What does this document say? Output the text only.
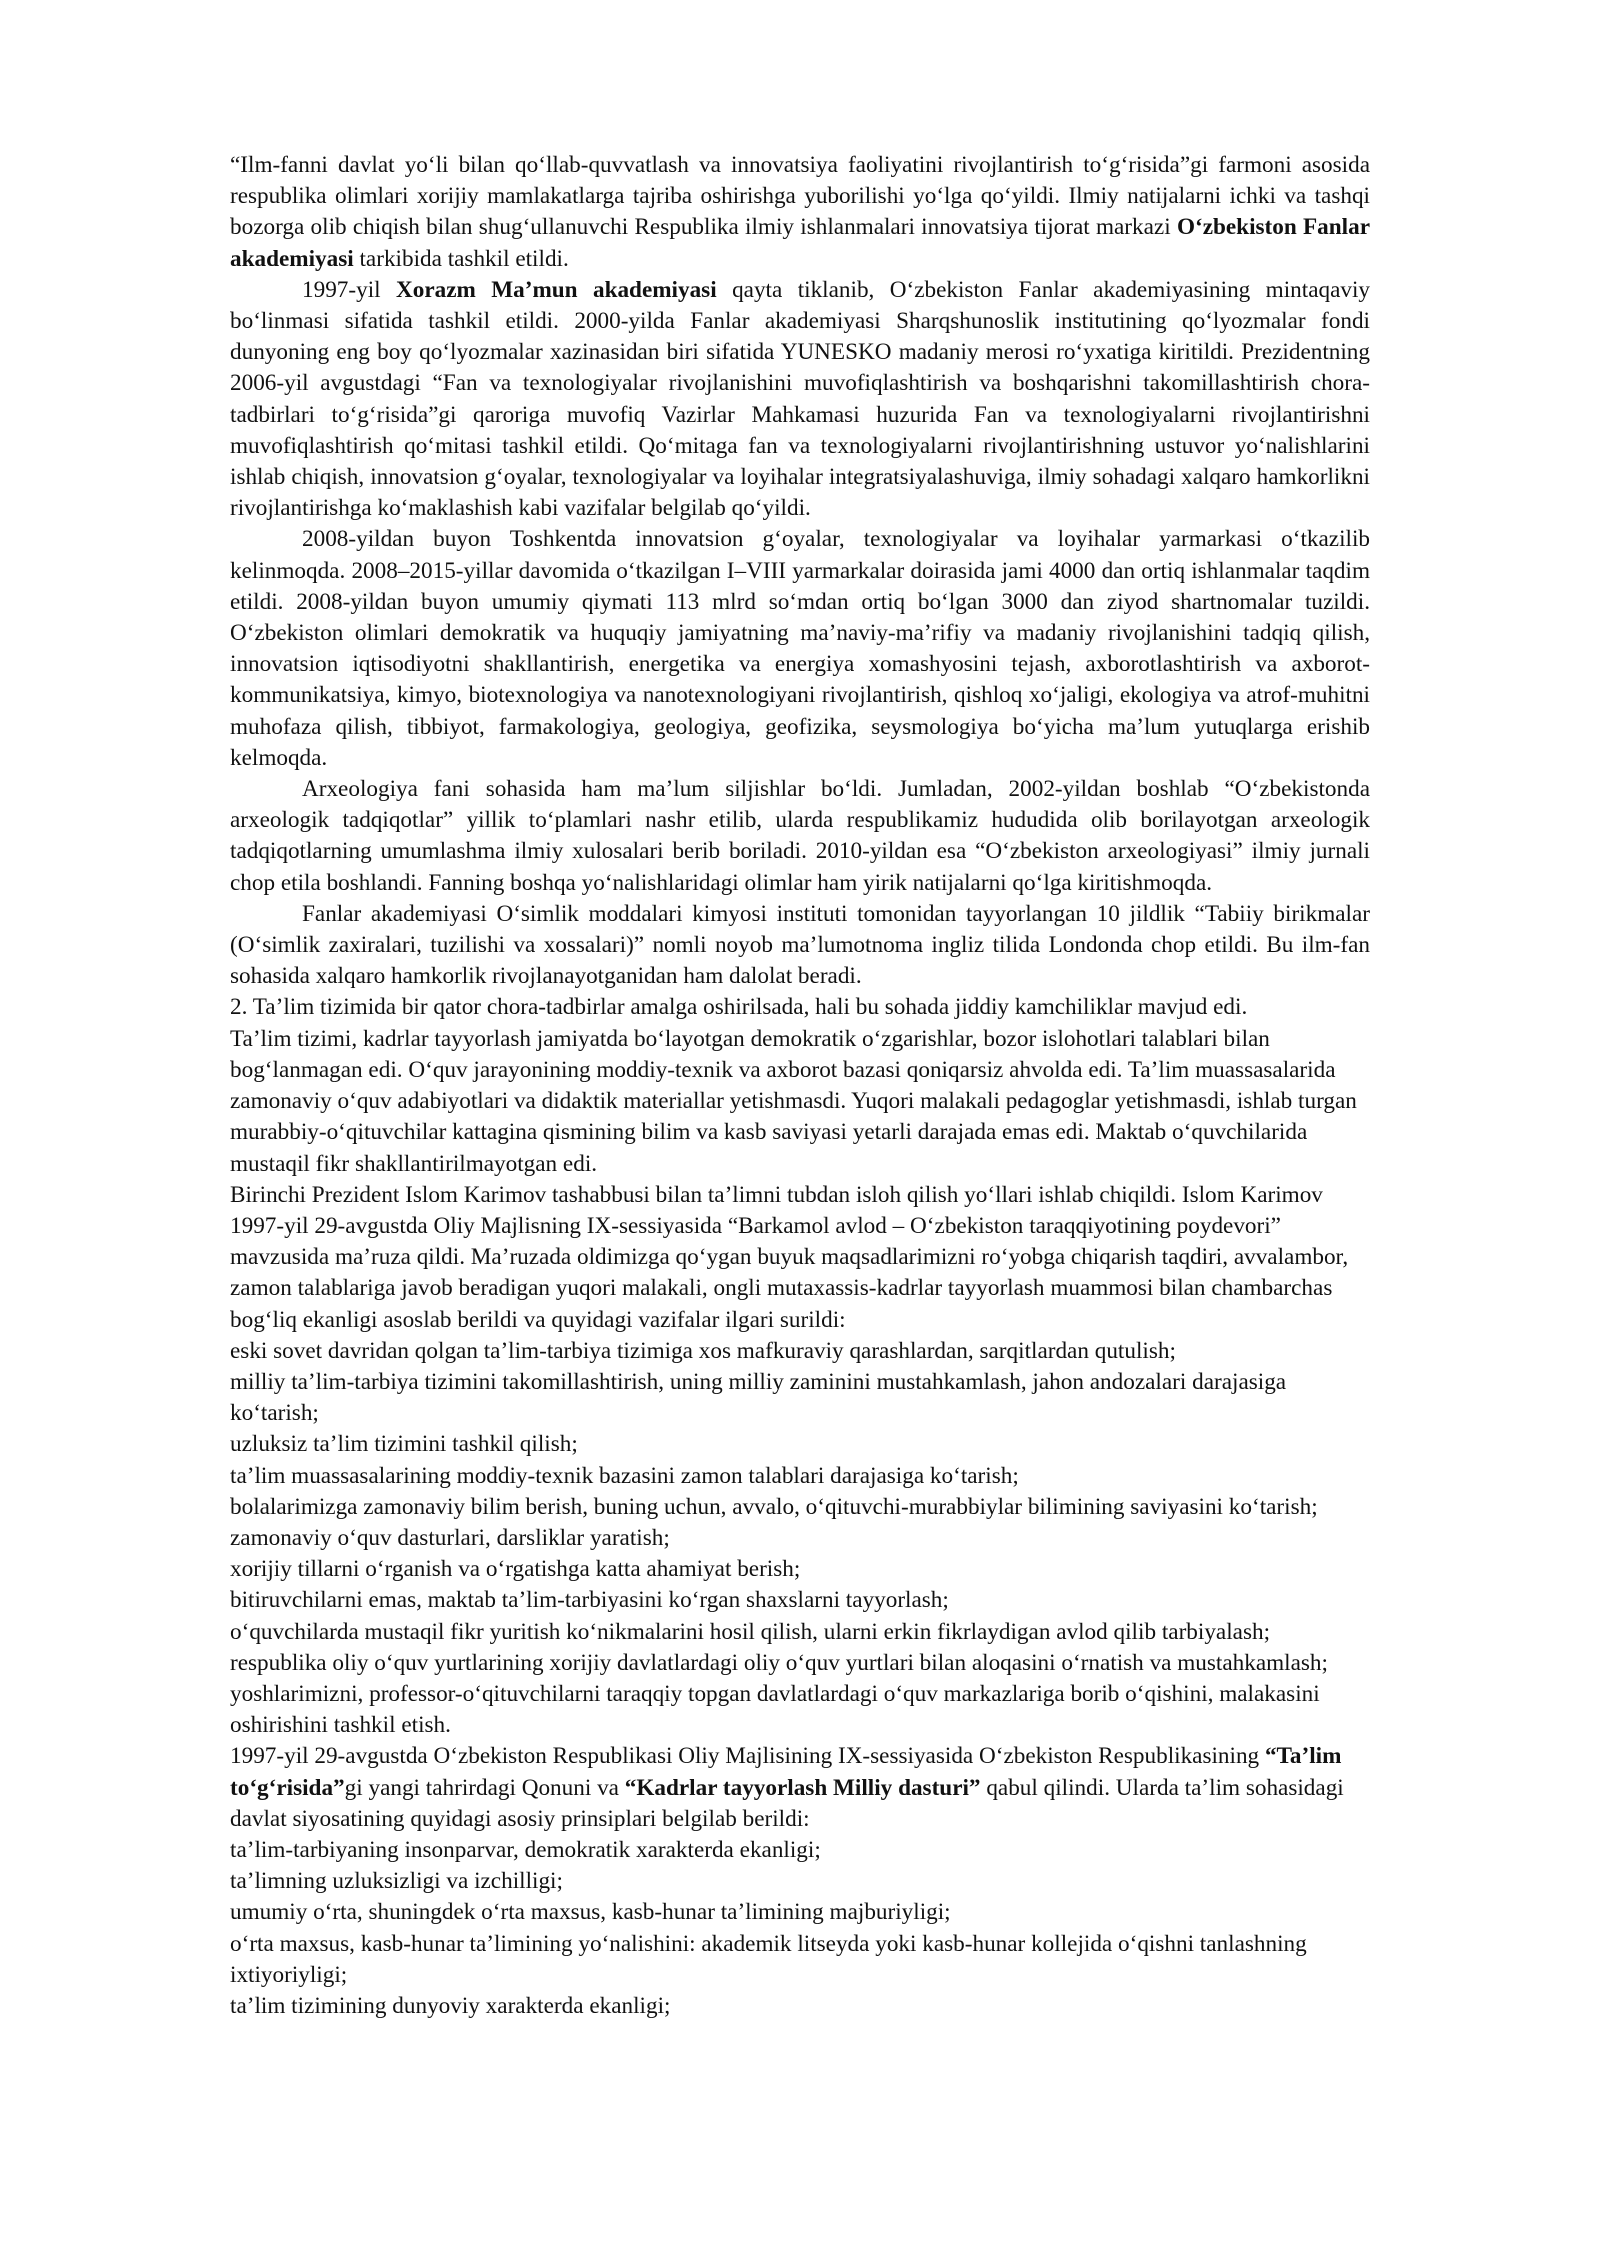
“Ilm-fanni davlat yo‘li bilan qo‘llab-quvvatlash va innovatsiya faoliyatini rivojlantirish to‘g‘risida”gi farmoni asosida respublika olimlari xorijiy mamlakatlarga tajriba oshirishga yuborilishi yo‘lga qo‘yildi. Ilmiy natijalarni ichki va tashqi bozorga olib chiqish bilan shug‘ullanuvchi Respublika ilmiy ishlanmalari innovatsiya tijorat markazi O‘zbekiston Fanlar akademiyasi tarkibida tashkil etildi.

1997-yil Xorazm Ma’mun akademiyasi qayta tiklanib, O‘zbekiston Fanlar akademiyasining mintaqaviy bo‘linmasi sifatida tashkil etildi. 2000-yilda Fanlar akademiyasi Sharqshunoslik institutining qo‘lyozmalar fondi dunyoning eng boy qo‘lyozmalar xazinasidan biri sifatida YUNESKO madaniy merosi ro‘yxatiga kiritildi. Prezidentning 2006-yil avgustdagi “Fan va texnologiyalar rivojlanishini muvofiqlashtirish va boshqarishni takomillashtirish chora-tadbirlari to‘g‘risida”gi qaroriga muvofiq Vazirlar Mahkamasi huzurida Fan va texnologiyalarni rivojlantirishni muvofiqlashtirish qo‘mitasi tashkil etildi. Qo‘mitaga fan va texnologiyalarni rivojlantirishning ustuvor yo‘nalishlarini ishlab chiqish, innovatsion g‘oyalar, texnologiyalar va loyihalar integratsiyalashuviga, ilmiy sohadagi xalqaro hamkorlikni rivojlantirishga ko‘maklashish kabi vazifalar belgilab qo‘yildi.

2008-yildan buyon Toshkentda innovatsion g‘oyalar, texnologiyalar va loyihalar yarmarkasi o‘tkazilib kelinmoqda. 2008–2015-yillar davomida o‘tkazilgan I–VIII yarmarkalar doirasida jami 4000 dan ortiq ishlanmalar taqdim etildi. 2008-yildan buyon umumiy qiymati 113 mlrd so‘mdan ortiq bo‘lgan 3000 dan ziyod shartnomalar tuzildi. O‘zbekiston olimlari demokratik va huquqiy jamiyatning ma’naviy-ma’rifiy va madaniy rivojlanishini tadqiq qilish, innovatsion iqtisodiyotni shakllantirish, energetika va energiya xomashyosini tejash, axborotlashtirish va axborot-kommunikatsiya, kimyo, biotexnologiya va nanotexnologiyani rivojlantirish, qishloq xo‘jaligi, ekologiya va atrof-muhitni muhofaza qilish, tibbiyot, farmakologiya, geologiya, geofizika, seysmologiya bo‘yicha ma’lum yutuqlarga erishib kelmoqda.

Arxeologiya fani sohasida ham ma’lum siljishlar bo‘ldi. Jumladan, 2002-yildan boshlab “O‘zbekistonda arxeologik tadqiqotlar” yillik to‘plamlari nashr etilib, ularda respublikamiz hududida olib borilayotgan arxeologik tadqiqotlarning umumlashma ilmiy xulosalari berib boriladi. 2010-yildan esa “O‘zbekiston arxeologiyasi” ilmiy jurnali chop etila boshlandi. Fanning boshqa yo‘nalishlaridagi olimlar ham yirik natijalarni qo‘lga kiritishmoqda.

Fanlar akademiyasi O‘simlik moddalari kimyosi instituti tomonidan tayyorlangan 10 jildlik “Tabiiy birikmalar (O‘simlik zaxiralari, tuzilishi va xossalari)” nomli noyob ma’lumotnoma ingliz tilida Londonda chop etildi. Bu ilm-fan sohasida xalqaro hamkorlik rivojlanayotganidan ham dalolat beradi.

2. Ta’lim tizimida bir qator chora-tadbirlar amalga oshirilsada, hali bu sohada jiddiy kamchiliklar mavjud edi.

Ta’lim tizimi, kadrlar tayyorlash jamiyatda bo‘layotgan demokratik o‘zgarishlar, bozor islohotlari talablari bilan bog‘lanmagan edi. O‘quv jarayonining moddiy-texnik va axborot bazasi qoniqarsiz ahvolda edi. Ta’lim muassasalarida zamonaviy o‘quv adabiyotlari va didaktik materiallar yetishmasdi. Yuqori malakali pedagoglar yetishmasdi, ishlab turgan murabbiy-o‘qituvchilar kattagina qismining bilim va kasb saviyasi yetarli darajada emas edi. Maktab o‘quvchilarida mustaqil fikr shakllantirilmayotgan edi.

Birinchi Prezident Islom Karimov tashabbusi bilan ta’limni tubdan isloh qilish yo‘llari ishlab chiqildi. Islom Karimov 1997-yil 29-avgustda Oliy Majlisning IX-sessiyasida “Barkamol avlod – O‘zbekiston taraqqiyotining poydevori” mavzusida ma’ruza qildi. Ma’ruzada oldimizga qo‘ygan buyuk maqsadlarimizni ro‘yobga chiqarish taqdiri, avvalambor, zamon talablariga javob beradigan yuqori malakali, ongli mutaxassis-kadrlar tayyorlash muammosi bilan chambarchas bog‘liq ekanligi asoslab berildi va quyidagi vazifalar ilgari surildi:

eski sovet davridan qolgan ta’lim-tarbiya tizimiga xos mafkuraviy qarashlardan, sarqitlardan qutulish;

milliy ta’lim-tarbiya tizimini takomillashtirish, uning milliy zaminini mustahkamlash, jahon andozalari darajasiga ko‘tarish;

uzluksiz ta’lim tizimini tashkil qilish;

ta’lim muassasalarining moddiy-texnik bazasini zamon talablari darajasiga ko‘tarish;

bolalarimizga zamonaviy bilim berish, buning uchun, avvalo, o‘qituvchi-murabbiylar bilimining saviyasini ko‘tarish;

zamonaviy o‘quv dasturlari, darsliklar yaratish;

xorijiy tillarni o‘rganish va o‘rgatishga katta ahamiyat berish;

bitiruvchilarni emas, maktab ta’lim-tarbiyasini ko‘rgan shaxslarni tayyorlash;

o‘quvchilarda mustaqil fikr yuritish ko‘nikmalarini hosil qilish, ularni erkin fikrlaydigan avlod qilib tarbiyalash;

respublika oliy o‘quv yurtlarining xorijiy davlatlardagi oliy o‘quv yurtlari bilan aloqasini o‘rnatish va mustahkamlash;

yoshlarimizni, professor-o‘qituvchilarni taraqqiy topgan davlatlardagi o‘quv markazlariga borib o‘qishini, malakasini oshirishini tashkil etish.

1997-yil 29-avgustda O‘zbekiston Respublikasi Oliy Majlisining IX-sessiyasida O‘zbekiston Respublikasining “Ta’lim to‘g‘risida”gi yangi tahrirdagi Qonuni va “Kadrlar tayyorlash Milliy dasturi” qabul qilindi. Ularda ta’lim sohasidagi davlat siyosatining quyidagi asosiy prinsiplari belgilab berildi:

ta’lim-tarbiyaning insonparvar, demokratik xarakterda ekanligi;

ta’limning uzluksizligi va izchilligi;

umumiy o‘rta, shuningdek o‘rta maxsus, kasb-hunar ta’limining majburiyligi;

o‘rta maxsus, kasb-hunar ta’limining yo‘nalishini: akademik litseyda yoki kasb-hunar kollejida o‘qishni tanlashning ixtiyoriyligi;

ta’lim tizimining dunyoviy xarakterda ekanligi;
